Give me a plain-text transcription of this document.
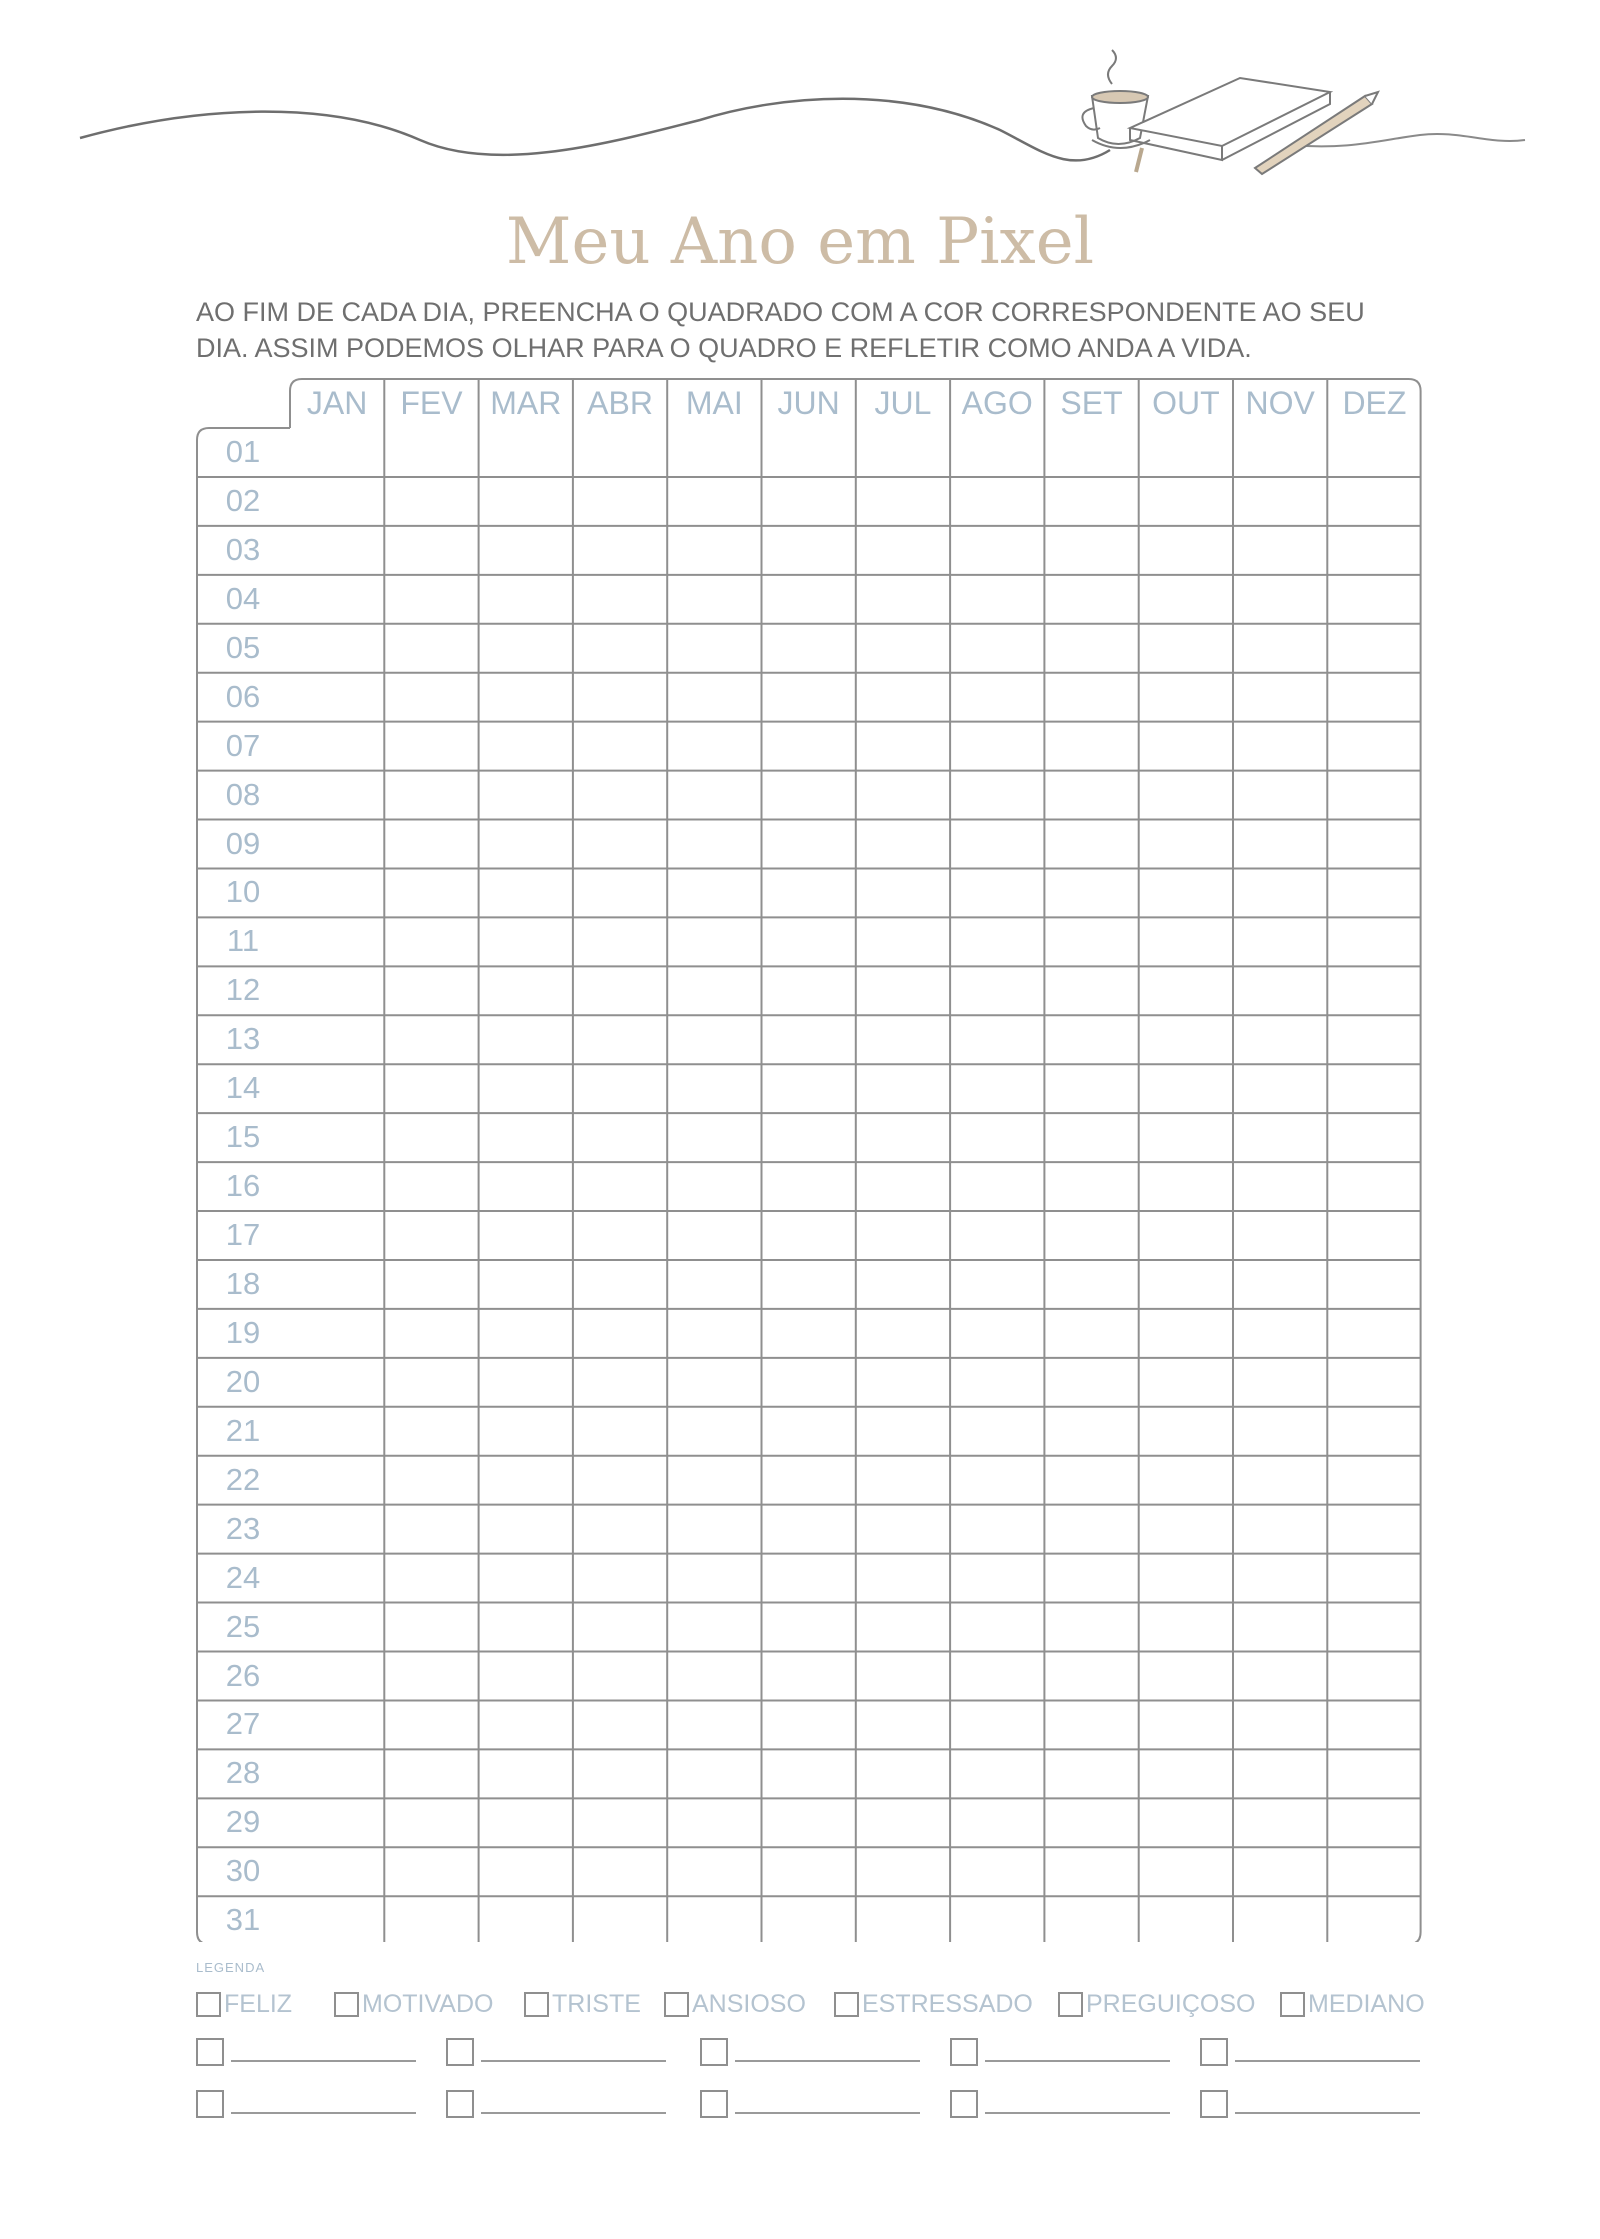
Meu Ano em Pixel
AO FIM DE CADA DIA, PREENCHA O QUADRADO COM A COR CORRESPONDENTE AO SEU
DIA. ASSIM PODEMOS OLHAR PARA O QUADRO E REFLETIR COMO ANDA A VIDA.
JAN	FEV MAR ABR	MAI	JUN	JUL AGO SET OUT NOV DEZ
01
02
03
04
05
06
07
08
09
10
11
12
13
14
15
16
17
18
19
20
21
22
23
24
25
26
27
28
29
30
31
LEGENDA
FELIZ	MOTIVADO TRISTE ANSIOSO ESTRESSADO PREGUIÇOSO MEDIANO
